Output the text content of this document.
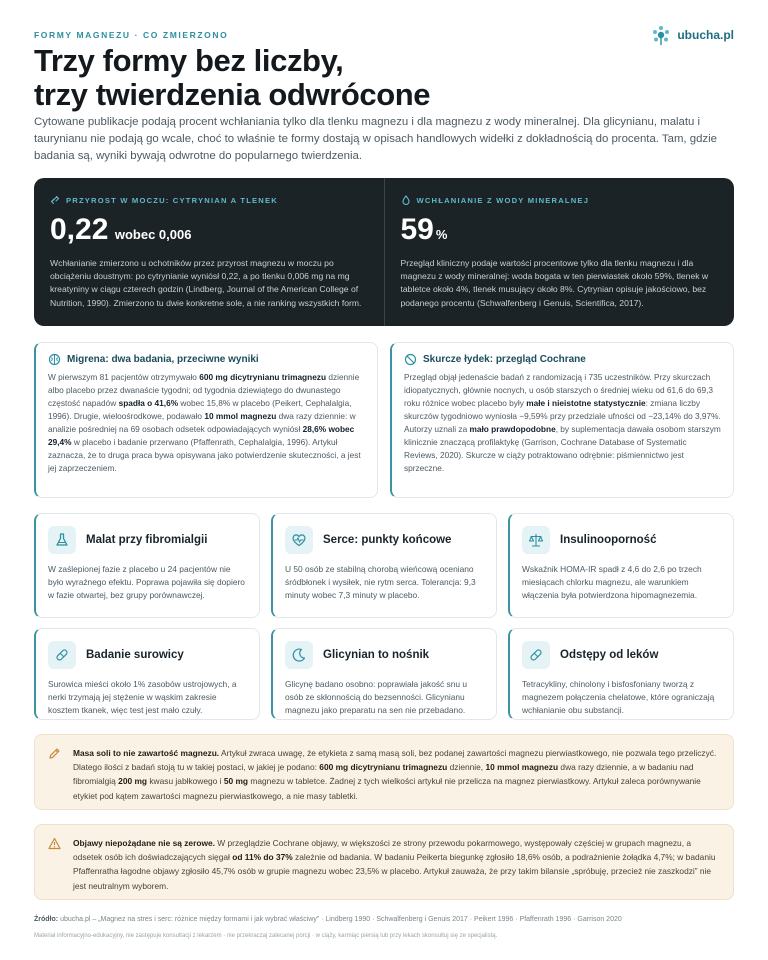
FORMY MAGNEZU · CO ZMIERZONO	ubucha.pl
Trzy formy bez liczby,
trzy twierdzenia odwrócone

Cytowane publikacje podają procent wchłaniania tylko dla tlenku magnezu i dla magnezu z wody mineralnej. Dla glicynianu, malatu i taurynianu nie podają go wcale, choć to właśnie te formy dostają w opisach handlowych widełki z dokładnością do procenta. Tam, gdzie badania są, wyniki bywają odwrotne do popularnego twierdzenia.

PRZYROST W MOCZU: CYTRYNIAN A TLENEK
0,22 wobec 0,006

Wchłanianie zmierzono u ochotników przez przyrost magnezu w moczu po obciążeniu doustnym: po cytrynianie wyniósł 0,22, a po tlenku 0,006 mg na mg kreatyniny w ciągu czterech godzin (Lindberg, Journal of the American College of Nutrition, 1990). Zmierzono tu dwie konkretne sole, a nie ranking wszystkich form.

WCHŁANIANIE Z WODY MINERALNEJ
59 %

Przegląd kliniczny podaje wartości procentowe tylko dla tlenku magnezu i dla magnezu z wody mineralnej: woda bogata w ten pierwiastek około 59%, tlenek w tabletce około 4%, tlenek musujący około 8%. Cytrynian opisuje jakościowo, bez podanego procentu (Schwalfenberg i Genuis, Scientifica, 2017).

Migrena: dwa badania, przeciwne wyniki

W pierwszym 81 pacjentów otrzymywało 600 mg dicytrynianu trimagnezu dziennie albo placebo przez dwanaście tygodni; od tygodnia dziewiątego do dwunastego częstość napadów spadła o 41,6% wobec 15,8% w placebo (Peikert, Cephalalgia, 1996). Drugie, wieloośrodkowe, podawało 10 mmol magnezu dwa razy dziennie: w analizie pośredniej na 69 osobach odsetek odpowiadających wyniósł 28,6% wobec 29,4% w placebo i badanie przerwano (Pfaffenrath, Cephalalgia, 1996). Artykuł zaznacza, że to druga praca bywa opisywana jako potwierdzenie skuteczności, a jest jej zaprzeczeniem.

Skurcze łydek: przegląd Cochrane

Przegląd objął jedenaście badań z randomizacją i 735 uczestników. Przy skurczach idiopatycznych, głównie nocnych, u osób starszych o średniej wieku od 61,6 do 69,3 roku różnice wobec placebo były małe i nieistotne statystycznie: zmiana liczby skurczów tygodniowo wyniosła −9,59% przy przedziale ufności od −23,14% do 3,97%. Autorzy uznali za mało prawdopodobne, by suplementacja dawała osobom starszym klinicznie znaczącą profilaktykę (Garrison, Cochrane Database of Systematic Reviews, 2020). Skurcze w ciąży potraktowano odrębnie: piśmiennictwo jest sprzeczne.

Malat przy fibromialgii

W zaślepionej fazie z placebo u 24 pacjentów nie było wyraźnego efektu. Poprawa pojawiła się dopiero w fazie otwartej, bez grupy porównawczej.

Serce: punkty końcowe

U 50 osób ze stabilną chorobą wieńcową oceniano śródbłonek i wysiłek, nie rytm serca. Tolerancja: 9,3 minuty wobec 7,3 minuty w placebo.

Insulinooporność

Wskaźnik HOMA‑IR spadł z 4,6 do 2,6 po trzech miesiącach chlorku magnezu, ale warunkiem włączenia była potwierdzona hipomagnezemia.

Badanie surowicy

Surowica mieści około 1% zasobów ustrojowych, a nerki trzymają jej stężenie w wąskim zakresie kosztem tkanek, więc test jest mało czuły.

Glicynian to nośnik

Glicynę badano osobno: poprawiała jakość snu u osób ze skłonnością do bezsenności. Glicynianu magnezu jako preparatu na sen nie przebadano.

Odstępy od leków

Tetracykliny, chinolony i bisfosfoniany tworzą z magnezem połączenia chelatowe, które ograniczają wchłanianie obu substancji.

Masa soli to nie zawartość magnezu. Artykuł zwraca uwagę, że etykieta z samą masą soli, bez podanej zawartości magnezu pierwiastkowego, nie pozwala tego przeliczyć. Dlatego ilości z badań stoją tu w takiej postaci, w jakiej je podano: 600 mg dicytrynianu trimagnezu dziennie, 10 mmol magnezu dwa razy dziennie, a w badaniu nad fibromialgią 200 mg kwasu jabłkowego i 50 mg magnezu w tabletce. Żadnej z tych wielkości artykuł nie przelicza na magnez pierwiastkowy. Artykuł zaleca porównywanie etykiet pod kątem zawartości magnezu pierwiastkowego, a nie masy tabletki.

Objawy niepożądane nie są zerowe. W przeglądzie Cochrane objawy, w większości ze strony przewodu pokarmowego, występowały częściej w grupach magnezu, a odsetek osób ich doświadczających sięgał od 11% do 37% zależnie od badania. W badaniu Peikerta biegunkę zgłosiło 18,6% osób, a podrażnienie żołądka 4,7%; w badaniu Pfaffenratha łagodne objawy zgłosiło 45,7% osób w grupie magnezu wobec 23,5% w placebo. Artykuł zauważa, że przy takim bilansie „spróbuję, przecież nie zaszkodzi” nie jest neutralnym wyborem.

Źródło: ubucha.pl – „Magnez na stres i serc: różnice między formami i jak wybrać właściwy” · Lindberg 1990 · Schwalfenberg i Genuis 2017 · Peikert 1996 · Pfaffenrath 1996 · Garrison 2020
Materiał informacyjno‑edukacyjny, nie zastępuje konsultacji z lekarzem · nie przekraczaj zalecanej porcji · w ciąży, karmiąc piersią lub przy lekach skonsultuj się ze specjalistą.
